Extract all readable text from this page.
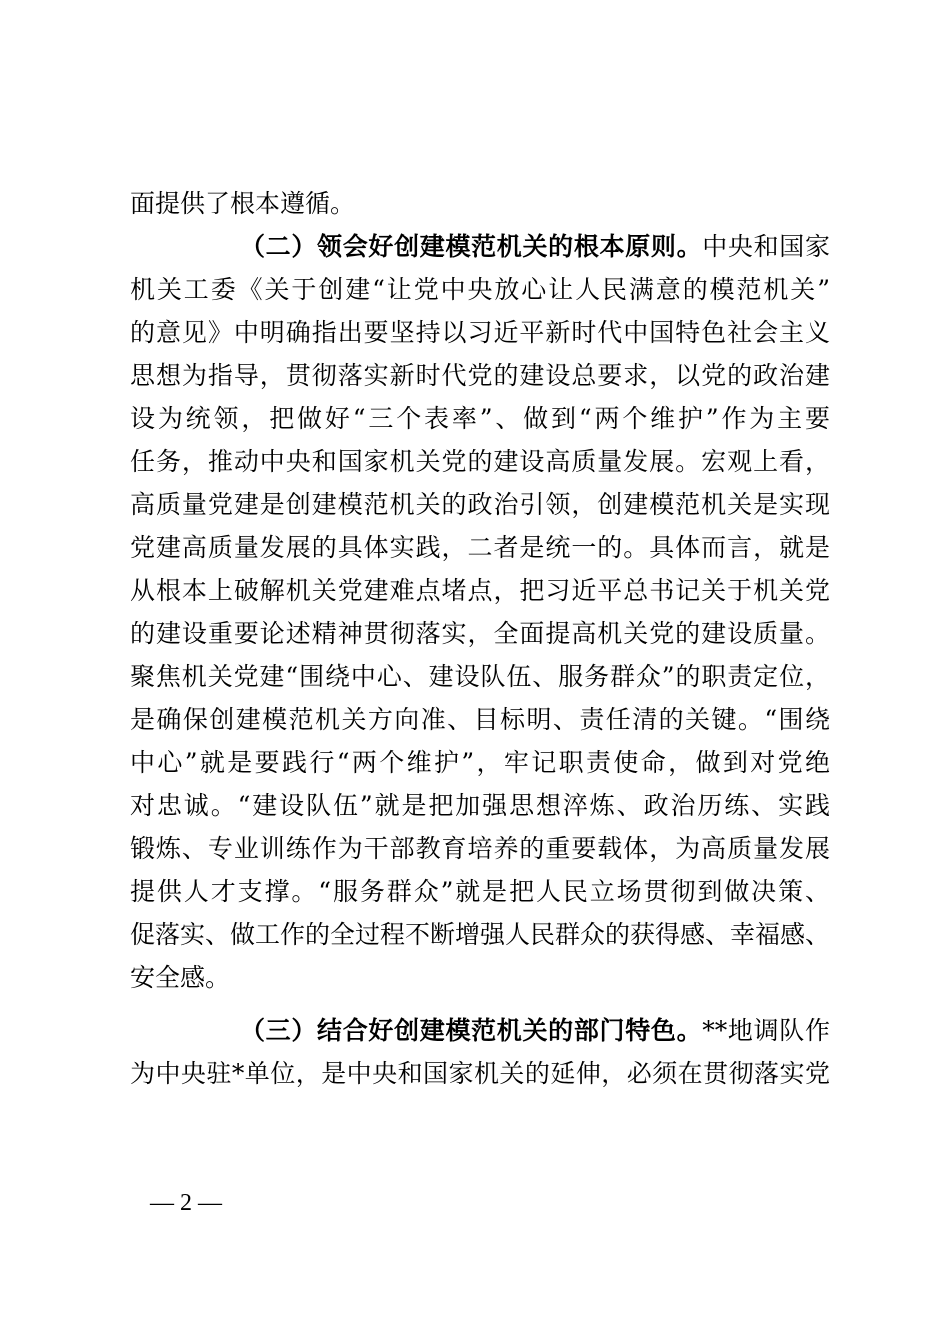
面提供了根本遵循。
（二）领会好创建模范机关的根本原则。中央和国家
机关工委《关于创建“让党中央放心让人民满意的模范机关”
的意见》中明确指出要坚持以习近平新时代中国特色社会主义
思想为指导，贯彻落实新时代党的建设总要求，以党的政治建
设为统领，把做好“三个表率”、做到“两个维护”作为主要
任务，推动中央和国家机关党的建设高质量发展。宏观上看，
高质量党建是创建模范机关的政治引领，创建模范机关是实现
党建高质量发展的具体实践，二者是统一的。具体而言，就是
从根本上破解机关党建难点堵点，把习近平总书记关于机关党
的建设重要论述精神贯彻落实，全面提高机关党的建设质量。
聚焦机关党建“围绕中心、建设队伍、服务群众”的职责定位，
是确保创建模范机关方向准、目标明、责任清的关键。“围绕
中心”就是要践行“两个维护”，牢记职责使命，做到对党绝
对忠诚。“建设队伍”就是把加强思想淬炼、政治历练、实践
锻炼、专业训练作为干部教育培养的重要载体，为高质量发展
提供人才支撑。“服务群众”就是把人民立场贯彻到做决策、
促落实、做工作的全过程不断增强人民群众的获得感、幸福感、
安全感。
（三）结合好创建模范机关的部门特色。**地调队作
为中央驻*单位，是中央和国家机关的延伸，必须在贯彻落实党
— 2 —
